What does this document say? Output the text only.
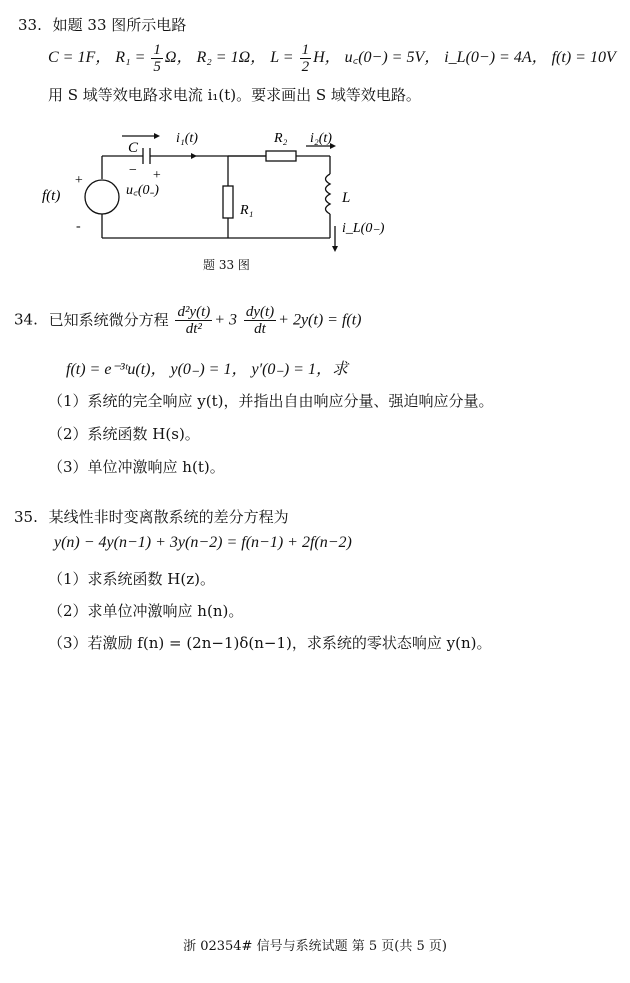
33. 如题 33 图所示电路
C = 1F， $R_1 = \frac{1}{5}$ Ω， R₂ = 1Ω， $L = \frac{1}{2}$ H， u꜀(0−) = 5V， i_L(0−) = 4A， f(t) = 10V
用 S 域等效电路求电流 i₁(t)。要求画出 S 域等效电路。
C
i₁(t)	R₂ i₂(t)
f(t)
+
-
− +
u꜀(0₋)
R₁
L
i_L(0₋)
题 33 图
34. 已知系统微分方程 $\frac{\text{d²y(t)}}{\text{dt²}} + 3 \frac{dy(t)}{dt} + 2y(t) = f(t)$
f(t) = e⁻³ᵗu(t)， y(0₋) = 1， y′(0₋) = 1，求
（1）系统的完全响应 y(t)，并指出自由响应分量、强迫响应分量。
（2）系统函数 H(s)。
（3）单位冲激响应 h(t)。
35. 某线性非时变离散系统的差分方程为
y(n) − 4y(n−1) + 3y(n−2) = f(n−1) + 2f(n−2)
（1）求系统函数 H(z)。
（2）求单位冲激响应 h(n)。
（3）若激励 f(n) = (2n−1)δ(n−1)，求系统的零状态响应 y(n)。
浙 02354# 信号与系统试题 第 5 页(共 5 页)
